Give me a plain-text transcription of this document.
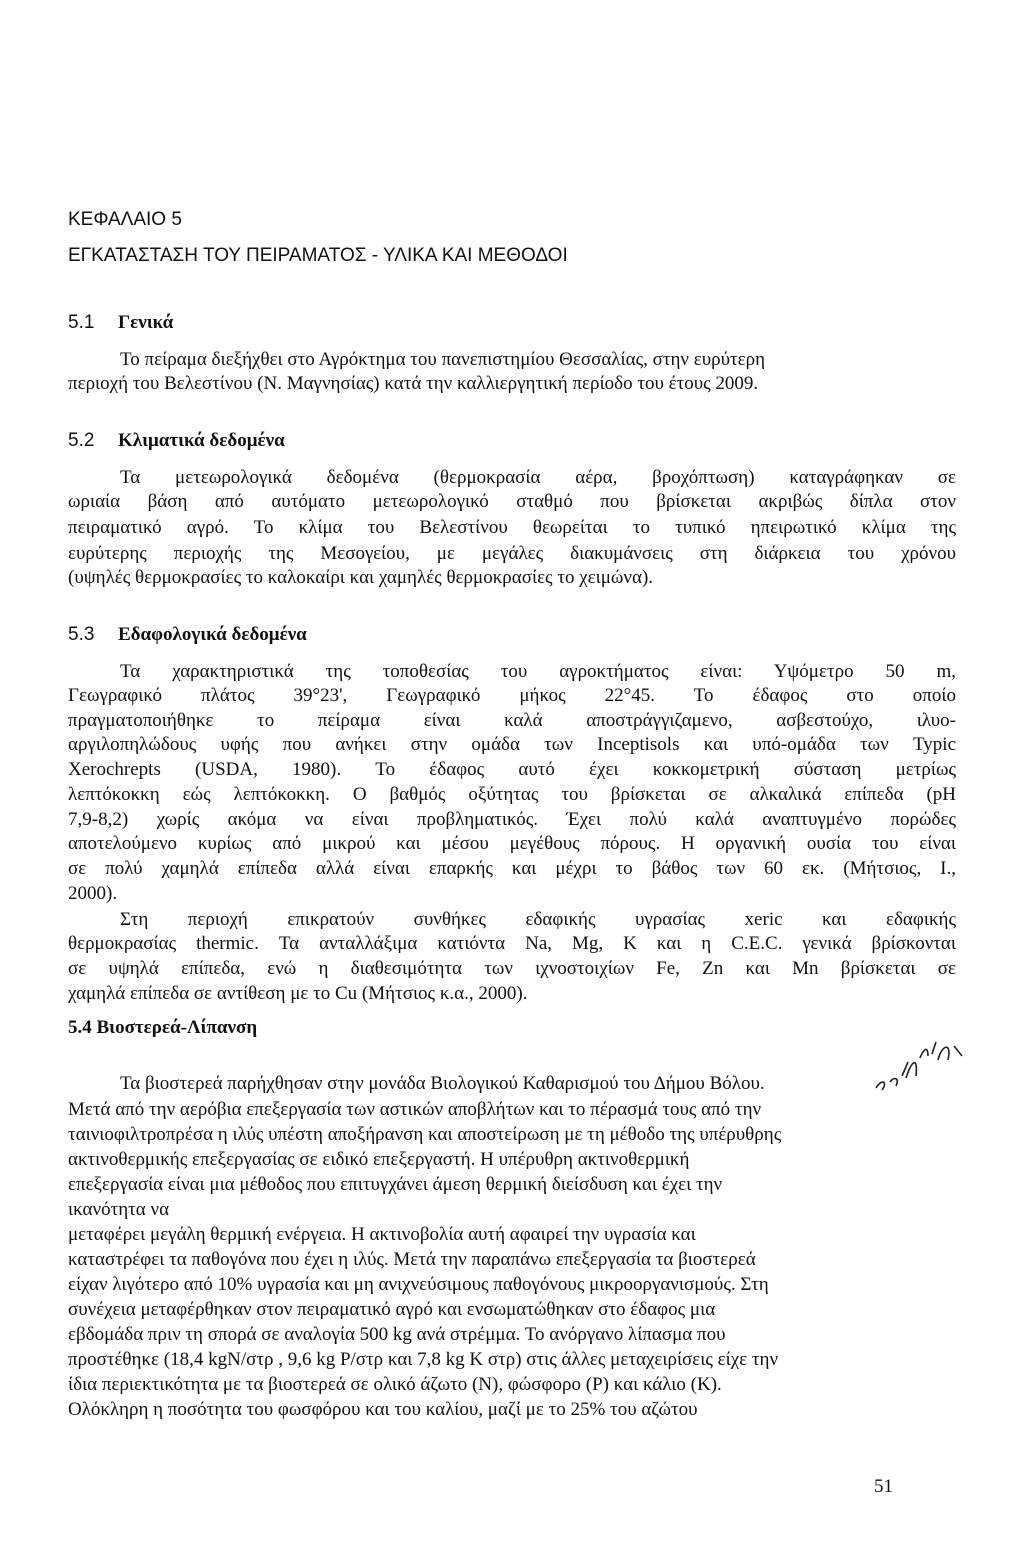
ΚΕΦΑΛΑΙΟ 5
ΕΓΚΑΤΑΣΤΑΣΗ ΤΟΥ ΠΕΙΡΑΜΑΤΟΣ - ΥΛΙΚΑ ΚΑΙ ΜΕΘΟΔΟΙ
5.1 Γενικά
Το πείραμα διεξήχθει στο Αγρόκτημα του πανεπιστημίου Θεσσαλίας, στην ευρύτερη
περιοχή του Βελεστίνου (Ν. Μαγνησίας) κατά την καλλιεργητική περίοδο του έτους 2009.
5.2 Κλιματικά δεδομένα
Τα μετεωρολογικά δεδομένα (θερμοκρασία αέρα, βροχόπτωση) καταγράφηκαν σε
ωριαία βάση από αυτόματο μετεωρολογικό σταθμό που βρίσκεται ακριβώς δίπλα στον
πειραματικό αγρό. Το κλίμα του Βελεστίνου θεωρείται το τυπικό ηπειρωτικό κλίμα της
ευρύτερης περιοχής της Μεσογείου, με μεγάλες διακυμάνσεις στη διάρκεια του χρόνου
(υψηλές θερμοκρασίες το καλοκαίρι και χαμηλές θερμοκρασίες το χειμώνα).
5.3 Εδαφολογικά δεδομένα
Τα χαρακτηριστικά της τοποθεσίας του αγροκτήματος είναι: Υψόμετρο 50 m,
Γεωγραφικό πλάτος 39°23', Γεωγραφικό μήκος 22°45. Το έδαφος στο οποίο
πραγματοποιήθηκε το πείραμα είναι καλά αποστράγγιζαμενο, ασβεστούχο, ιλυο-
αργιλοπηλώδους υφής που ανήκει στην ομάδα των Inceptisols και υπό-ομάδα των Typic
Xerochrepts (USDA, 1980). Το έδαφος αυτό έχει κοκκομετρική σύσταση μετρίως
λεπτόκοκκη εώς λεπτόκοκκη. Ο βαθμός οξύτητας του βρίσκεται σε αλκαλικά επίπεδα (pH
7,9-8,2) χωρίς ακόμα να είναι προβληματικός. Έχει πολύ καλά αναπτυγμένο πορώδες
αποτελούμενο κυρίως από μικρού και μέσου μεγέθους πόρους. Η οργανική ουσία του είναι
σε πολύ χαμηλά επίπεδα αλλά είναι επαρκής και μέχρι το βάθος των 60 εκ. (Μήτσιος, Ι.,
2000).
Στη περιοχή επικρατούν συνθήκες εδαφικής υγρασίας xeric και εδαφικής
θερμοκρασίας thermic. Τα ανταλλάξιμα κατιόντα Na, Mg, K και η C.E.C. γενικά βρίσκονται
σε υψηλά επίπεδα, ενώ η διαθεσιμότητα των ιχνοστοιχίων Fe, Zn και Mn βρίσκεται σε
χαμηλά επίπεδα σε αντίθεση με το Cu (Μήτσιος κ.α., 2000).
5.4 Βιοστερεά-Λίπανση
Τα βιοστερεά παρήχθησαν στην μονάδα Βιολογικού Καθαρισμού του Δήμου Βόλου.
Μετά από την αερόβια επεξεργασία των αστικών αποβλήτων και το πέρασμά τους από την
ταινιοφιλτροπρέσα η ιλύς υπέστη αποξήρανση και αποστείρωση με τη μέθοδο της υπέρυθρης
ακτινοθερμικής επεξεργασίας σε ειδικό επεξεργαστή. Η υπέρυθρη ακτινοθερμική
επεξεργασία είναι μια μέθοδος που επιτυγχάνει άμεση θερμική διείσδυση και έχει την
ικανότητα να
μεταφέρει μεγάλη θερμική ενέργεια. Η ακτινοβολία αυτή αφαιρεί την υγρασία και
καταστρέφει τα παθογόνα που έχει η ιλύς. Μετά την παραπάνω επεξεργασία τα βιοστερεά
είχαν λιγότερο από 10% υγρασία και μη ανιχνεύσιμους παθογόνους μικροοργανισμούς. Στη
συνέχεια μεταφέρθηκαν στον πειραματικό αγρό και ενσωματώθηκαν στο έδαφος μια
εβδομάδα πριν τη σπορά σε αναλογία 500 kg ανά στρέμμα. Το ανόργανο λίπασμα που
προστέθηκε (18,4 kgN/στρ , 9,6 kg P/στρ και 7,8 kg K στρ) στις άλλες μεταχειρίσεις είχε την
ίδια περιεκτικότητα με τα βιοστερεά σε ολικό άζωτο (N), φώσφορο (P) και κάλιο (K).
Ολόκληρη η ποσότητα του φωσφόρου και του καλίου, μαζί με το 25% του αζώτου
51
